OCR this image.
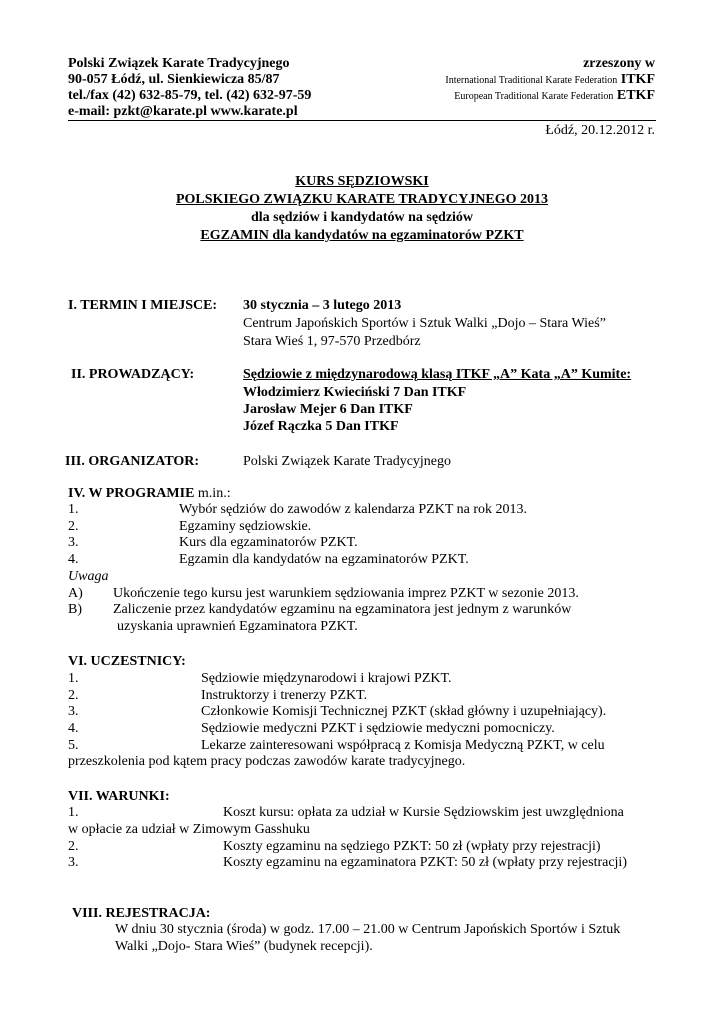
Polski Związek Karate Tradycyjnego
90-057 Łódź, ul. Sienkiewicza 85/87
tel./fax (42) 632-85-79, tel. (42) 632-97-59
e-mail: pzkt@karate.pl www.karate.pl
zrzeszony w
International Traditional Karate Federation ITKF
European Traditional Karate Federation ETKF
Łódź, 20.12.2012 r.
KURS SĘDZIOWSKI
POLSKIEGO ZWIĄZKU KARATE TRADYCYJNEGO 2013
dla sędziów i kandydatów na sędziów
EGZAMIN dla kandydatów na egzaminatorów PZKT
I. TERMIN I MIEJSCE: 30 stycznia – 3 lutego 2013
Centrum Japońskich Sportów i Sztuk Walki „Dojo – Stara Wieś”
Stara Wieś 1, 97-570 Przedbórz
II. PROWADZĄCY:	Sędziowie z międzynarodową klasą ITKF „A” Kata „A” Kumite:
Włodzimierz Kwieciński 7 Dan ITKF
Jarosław Mejer 6 Dan ITKF
Józef Rączka 5 Dan ITKF
III. ORGANIZATOR:	Polski Związek Karate Tradycyjnego
IV. W PROGRAMIE m.in.:
1.	Wybór sędziów do zawodów z kalendarza PZKT na rok 2013.
2.	Egzaminy sędziowskie.
3.	Kurs dla egzaminatorów PZKT.
4.	Egzamin dla kandydatów na egzaminatorów PZKT.
Uwaga
A) Ukończenie tego kursu jest warunkiem sędziowania imprez PZKT w sezonie 2013.
B) Zaliczenie przez kandydatów egzaminu na egzaminatora jest jednym z warunków
uzyskania uprawnień Egzaminatora PZKT.
VI. UCZESTNICY:
1.	Sędziowie międzynarodowi i krajowi PZKT.
2.	Instruktorzy i trenerzy PZKT.
3.	Członkowie Komisji Technicznej PZKT (skład główny i uzupełniający).
4.	Sędziowie medyczni PZKT i sędziowie medyczni pomocniczy.
5.	Lekarze zainteresowani współpracą z Komisja Medyczną PZKT, w celu
przeszkolenia pod kątem pracy podczas zawodów karate tradycyjnego.
VII. WARUNKI:
1.	Koszt kursu: opłata za udział w Kursie Sędziowskim jest uwzględniona
w opłacie za udział w Zimowym Gasshuku
2.	Koszty egzaminu na sędziego PZKT: 50 zł (wpłaty przy rejestracji)
3.	Koszty egzaminu na egzaminatora PZKT: 50 zł (wpłaty przy rejestracji)
VIII. REJESTRACJA:
W dniu 30 stycznia (środa) w godz. 17.00 – 21.00 w Centrum Japońskich Sportów i Sztuk
Walki „Dojo- Stara Wieś” (budynek recepcji).
